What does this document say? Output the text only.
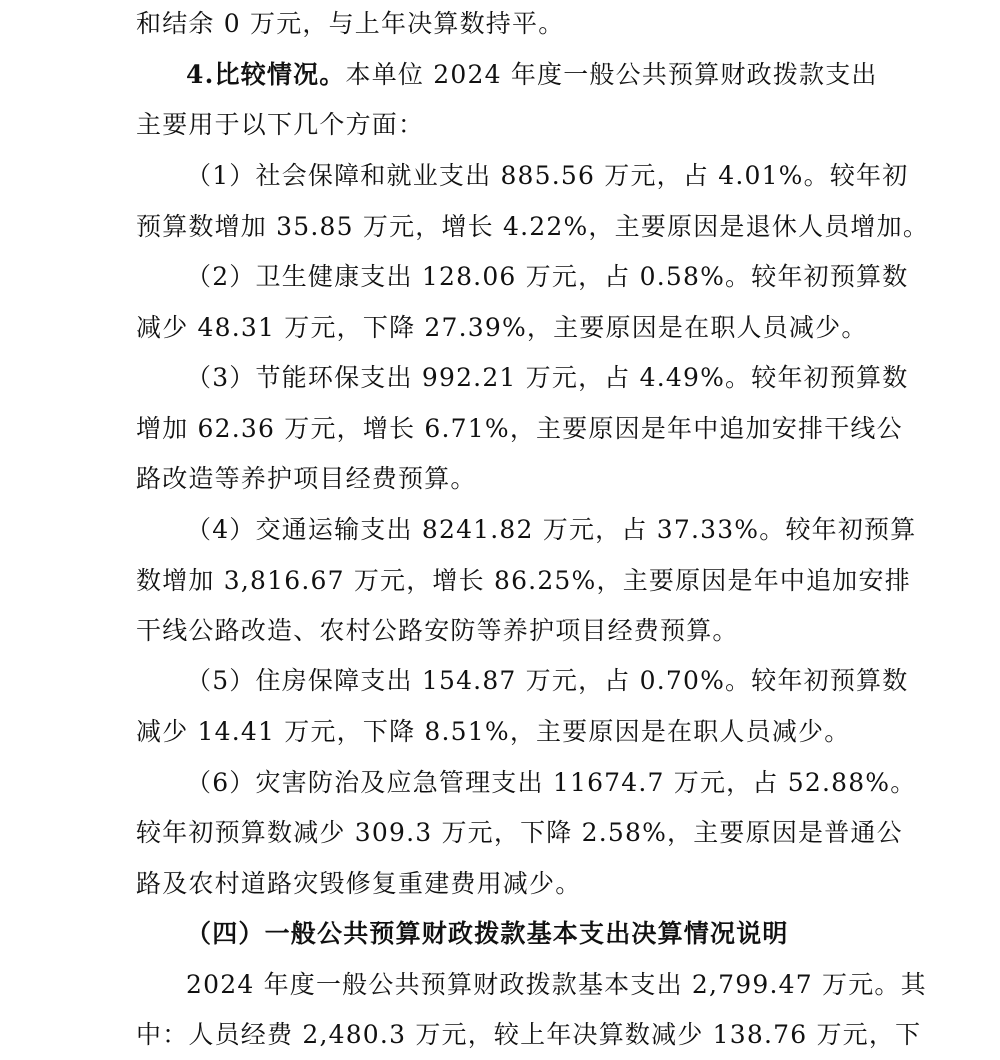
和结余 0 万元，与上年决算数持平。
4.比较情况。本单位 2024 年度一般公共预算财政拨款支出
主要用于以下几个方面：
（1）社会保障和就业支出 885.56 万元，占 4.01%。较年初
预算数增加 35.85 万元，增长 4.22%，主要原因是退休人员增加。
（2）卫生健康支出 128.06 万元，占 0.58%。较年初预算数
减少 48.31 万元，下降 27.39%，主要原因是在职人员减少。
（3）节能环保支出 992.21 万元，占 4.49%。较年初预算数
增加 62.36 万元，增长 6.71%，主要原因是年中追加安排干线公
路改造等养护项目经费预算。
（4）交通运输支出 8241.82 万元，占 37.33%。较年初预算
数增加 3,816.67 万元，增长 86.25%，主要原因是年中追加安排
干线公路改造、农村公路安防等养护项目经费预算。
（5）住房保障支出 154.87 万元，占 0.70%。较年初预算数
减少 14.41 万元，下降 8.51%，主要原因是在职人员减少。
（6）灾害防治及应急管理支出 11674.7 万元，占 52.88%。
较年初预算数减少 309.3 万元，下降 2.58%，主要原因是普通公
路及农村道路灾毁修复重建费用减少。
（四）一般公共预算财政拨款基本支出决算情况说明
2024 年度一般公共预算财政拨款基本支出 2,799.47 万元。其
中：人员经费 2,480.3 万元，较上年决算数减少 138.76 万元，下
